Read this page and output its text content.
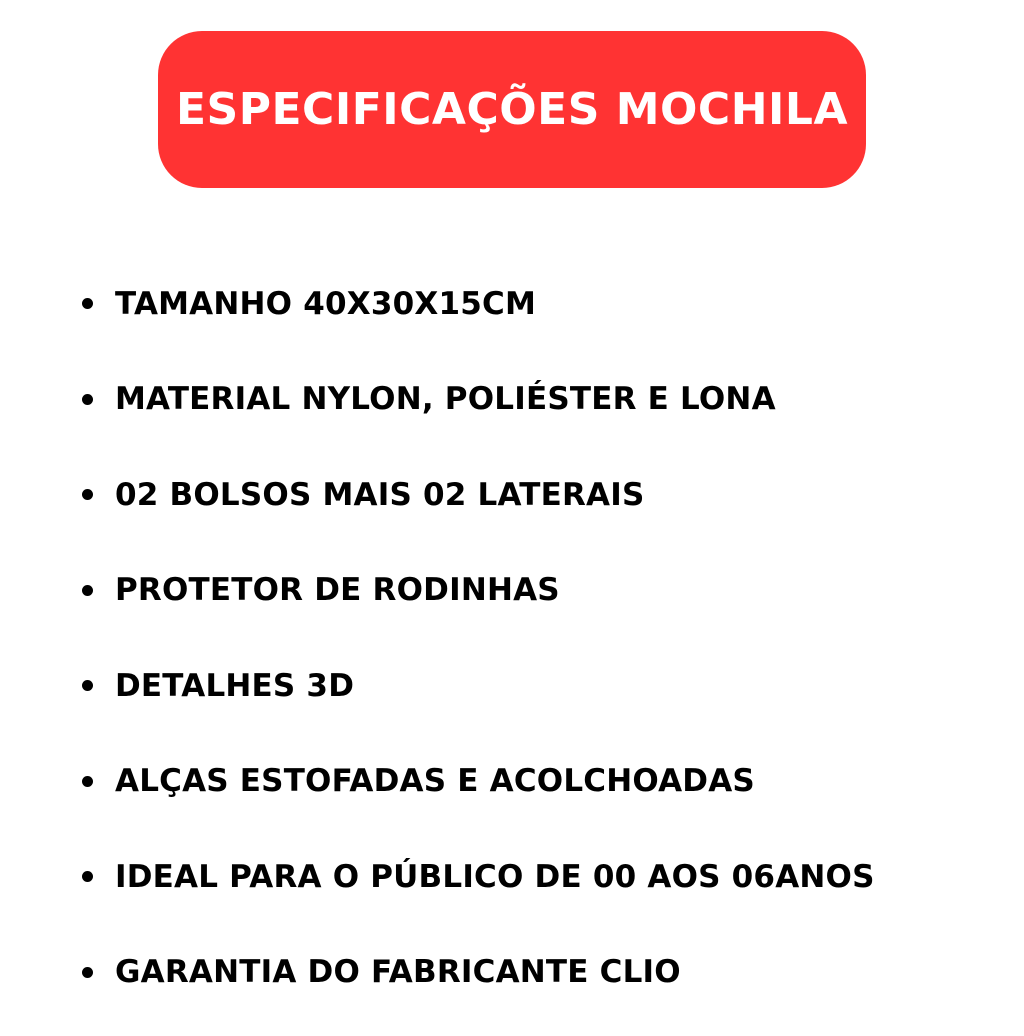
ESPECIFICAÇÕES MOCHILA
TAMANHO 40X30X15CM
MATERIAL NYLON, POLIÉSTER E LONA
02 BOLSOS MAIS 02 LATERAIS
PROTETOR DE RODINHAS
DETALHES 3D
ALÇAS ESTOFADAS E ACOLCHOADAS
IDEAL PARA O PÚBLICO DE 00 AOS 06ANOS
GARANTIA DO FABRICANTE CLIO
